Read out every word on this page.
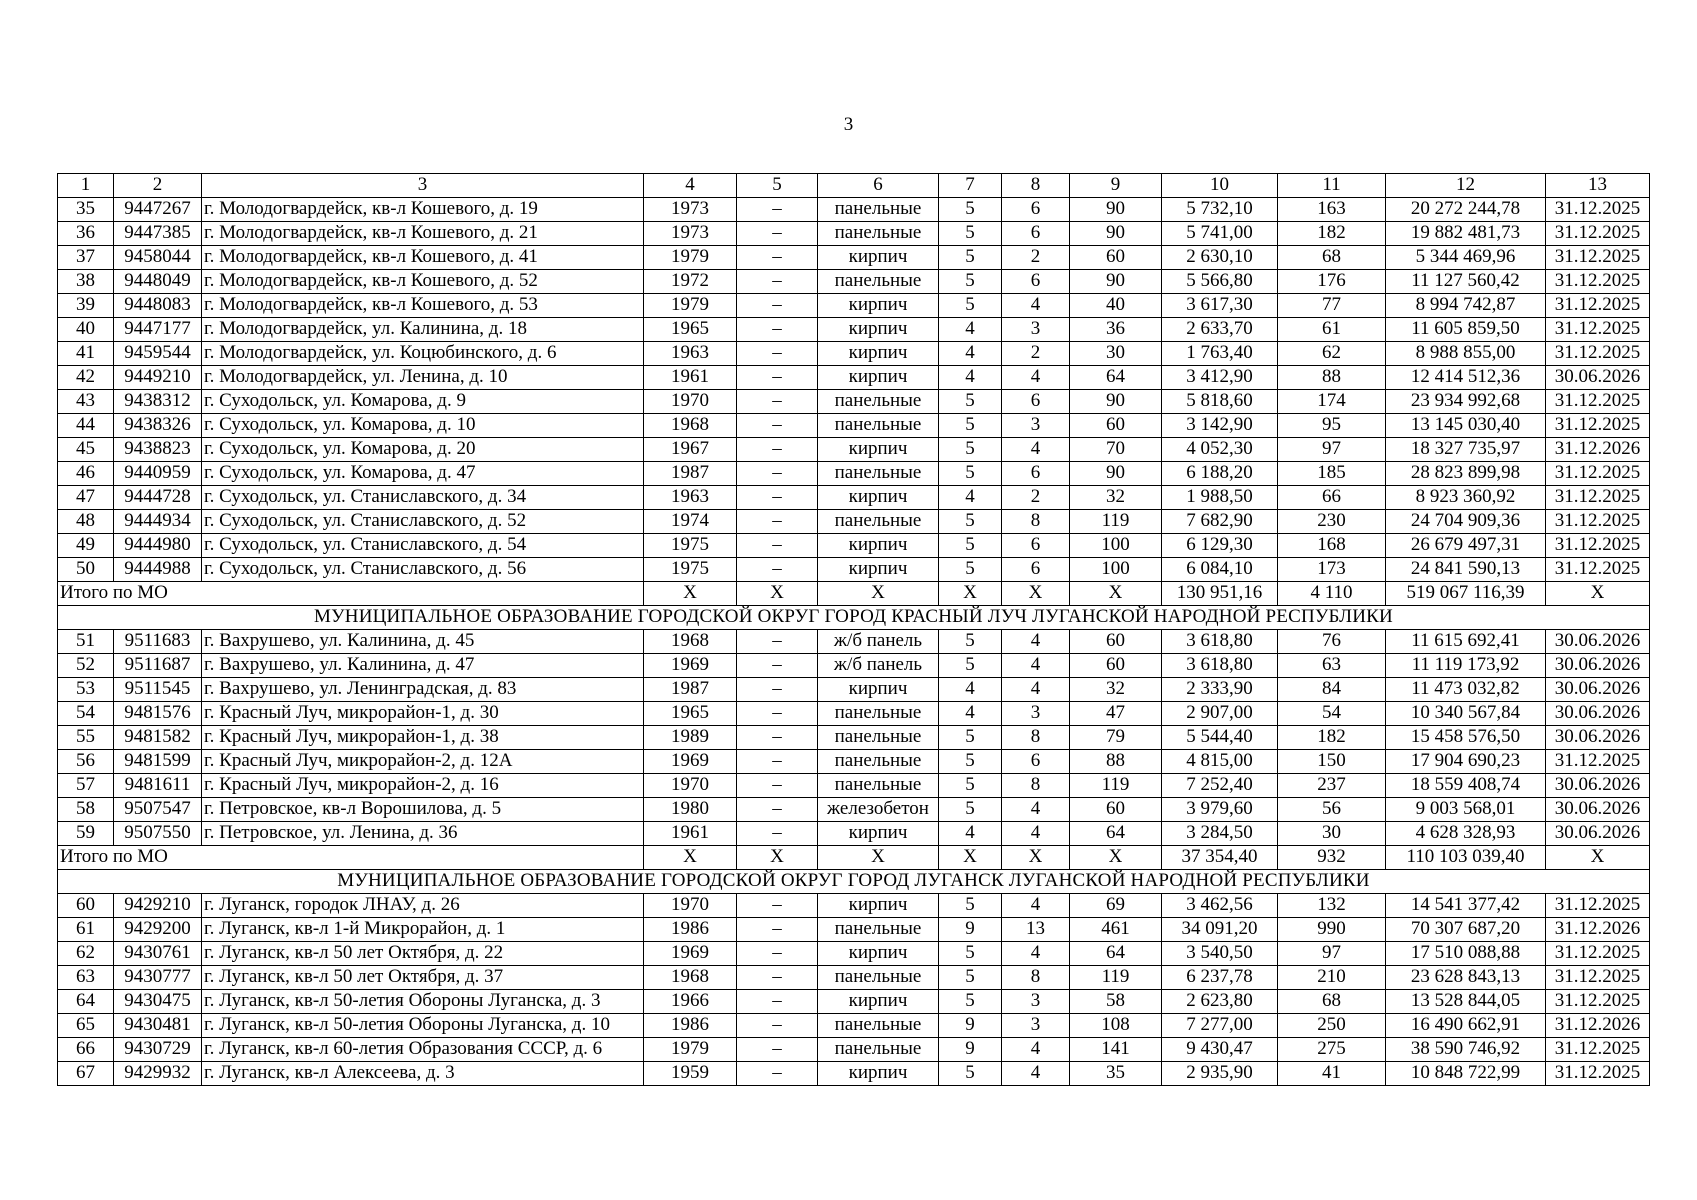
3
1	2	3	4	5	6	7	8	9	10	11	12	13
35	9447267	г. Молодогвардейск, кв-л Кошевого, д. 19	1973	–	панельные	5	6	90	5 732,10	163	20 272 244,78	31.12.2025
36	9447385	г. Молодогвардейск, кв-л Кошевого, д. 21	1973	–	панельные	5	6	90	5 741,00	182	19 882 481,73	31.12.2025
37	9458044	г. Молодогвардейск, кв-л Кошевого, д. 41	1979	–	кирпич	5	2	60	2 630,10	68	5 344 469,96	31.12.2025
38	9448049	г. Молодогвардейск, кв-л Кошевого, д. 52	1972	–	панельные	5	6	90	5 566,80	176	11 127 560,42	31.12.2025
39	9448083	г. Молодогвардейск, кв-л Кошевого, д. 53	1979	–	кирпич	5	4	40	3 617,30	77	8 994 742,87	31.12.2025
40	9447177	г. Молодогвардейск, ул. Калинина, д. 18	1965	–	кирпич	4	3	36	2 633,70	61	11 605 859,50	31.12.2025
41	9459544	г. Молодогвардейск, ул. Коцюбинского, д. 6	1963	–	кирпич	4	2	30	1 763,40	62	8 988 855,00	31.12.2025
42	9449210	г. Молодогвардейск, ул. Ленина, д. 10	1961	–	кирпич	4	4	64	3 412,90	88	12 414 512,36	30.06.2026
43	9438312	г. Суходольск, ул. Комарова, д. 9	1970	–	панельные	5	6	90	5 818,60	174	23 934 992,68	31.12.2025
44	9438326	г. Суходольск, ул. Комарова, д. 10	1968	–	панельные	5	3	60	3 142,90	95	13 145 030,40	31.12.2025
45	9438823	г. Суходольск, ул. Комарова, д. 20	1967	–	кирпич	5	4	70	4 052,30	97	18 327 735,97	31.12.2026
46	9440959	г. Суходольск, ул. Комарова, д. 47	1987	–	панельные	5	6	90	6 188,20	185	28 823 899,98	31.12.2025
47	9444728	г. Суходольск, ул. Станиславского, д. 34	1963	–	кирпич	4	2	32	1 988,50	66	8 923 360,92	31.12.2025
48	9444934	г. Суходольск, ул. Станиславского, д. 52	1974	–	панельные	5	8	119	7 682,90	230	24 704 909,36	31.12.2025
49	9444980	г. Суходольск, ул. Станиславского, д. 54	1975	–	кирпич	5	6	100	6 129,30	168	26 679 497,31	31.12.2025
50	9444988	г. Суходольск, ул. Станиславского, д. 56	1975	–	кирпич	5	6	100	6 084,10	173	24 841 590,13	31.12.2025
Итого по МО			X	X	X	X	X	X	130 951,16	4 110	519 067 116,39	X
МУНИЦИПАЛЬНОЕ ОБРАЗОВАНИЕ ГОРОДСКОЙ ОКРУГ ГОРОД КРАСНЫЙ ЛУЧ ЛУГАНСКОЙ НАРОДНОЙ РЕСПУБЛИКИ												
51	9511683	г. Вахрушево, ул. Калинина, д. 45	1968	–	ж/б панель	5	4	60	3 618,80	76	11 615 692,41	30.06.2026
52	9511687	г. Вахрушево, ул. Калинина, д. 47	1969	–	ж/б панель	5	4	60	3 618,80	63	11 119 173,92	30.06.2026
53	9511545	г. Вахрушево, ул. Ленинградская, д. 83	1987	–	кирпич	4	4	32	2 333,90	84	11 473 032,82	30.06.2026
54	9481576	г. Красный Луч, микрорайон-1, д. 30	1965	–	панельные	4	3	47	2 907,00	54	10 340 567,84	30.06.2026
55	9481582	г. Красный Луч, микрорайон-1, д. 38	1989	–	панельные	5	8	79	5 544,40	182	15 458 576,50	30.06.2026
56	9481599	г. Красный Луч, микрорайон-2, д. 12А	1969	–	панельные	5	6	88	4 815,00	150	17 904 690,23	31.12.2025
57	9481611	г. Красный Луч, микрорайон-2, д. 16	1970	–	панельные	5	8	119	7 252,40	237	18 559 408,74	30.06.2026
58	9507547	г. Петровское, кв-л Ворошилова, д. 5	1980	–	железобетон	5	4	60	3 979,60	56	9 003 568,01	30.06.2026
59	9507550	г. Петровское, ул. Ленина, д. 36	1961	–	кирпич	4	4	64	3 284,50	30	4 628 328,93	30.06.2026
Итого по МО			X	X	X	X	X	X	37 354,40	932	110 103 039,40	X
МУНИЦИПАЛЬНОЕ ОБРАЗОВАНИЕ ГОРОДСКОЙ ОКРУГ ГОРОД ЛУГАНСК ЛУГАНСКОЙ НАРОДНОЙ РЕСПУБЛИКИ												
60	9429210	г. Луганск, городок ЛНАУ, д. 26	1970	–	кирпич	5	4	69	3 462,56	132	14 541 377,42	31.12.2025
61	9429200	г. Луганск, кв-л 1-й Микрорайон, д. 1	1986	–	панельные	9	13	461	34 091,20	990	70 307 687,20	31.12.2026
62	9430761	г. Луганск, кв-л 50 лет Октября, д. 22	1969	–	кирпич	5	4	64	3 540,50	97	17 510 088,88	31.12.2025
63	9430777	г. Луганск, кв-л 50 лет Октября, д. 37	1968	–	панельные	5	8	119	6 237,78	210	23 628 843,13	31.12.2025
64	9430475	г. Луганск, кв-л 50-летия Обороны Луганска, д. 3	1966	–	кирпич	5	3	58	2 623,80	68	13 528 844,05	31.12.2025
65	9430481	г. Луганск, кв-л 50-летия Обороны Луганска, д. 10	1986	–	панельные	9	3	108	7 277,00	250	16 490 662,91	31.12.2026
66	9430729	г. Луганск, кв-л 60-летия Образования СССР, д. 6	1979	–	панельные	9	4	141	9 430,47	275	38 590 746,92	31.12.2025
67	9429932	г. Луганск, кв-л Алексеева, д. 3	1959	–	кирпич	5	4	35	2 935,90	41	10 848 722,99	31.12.2025
